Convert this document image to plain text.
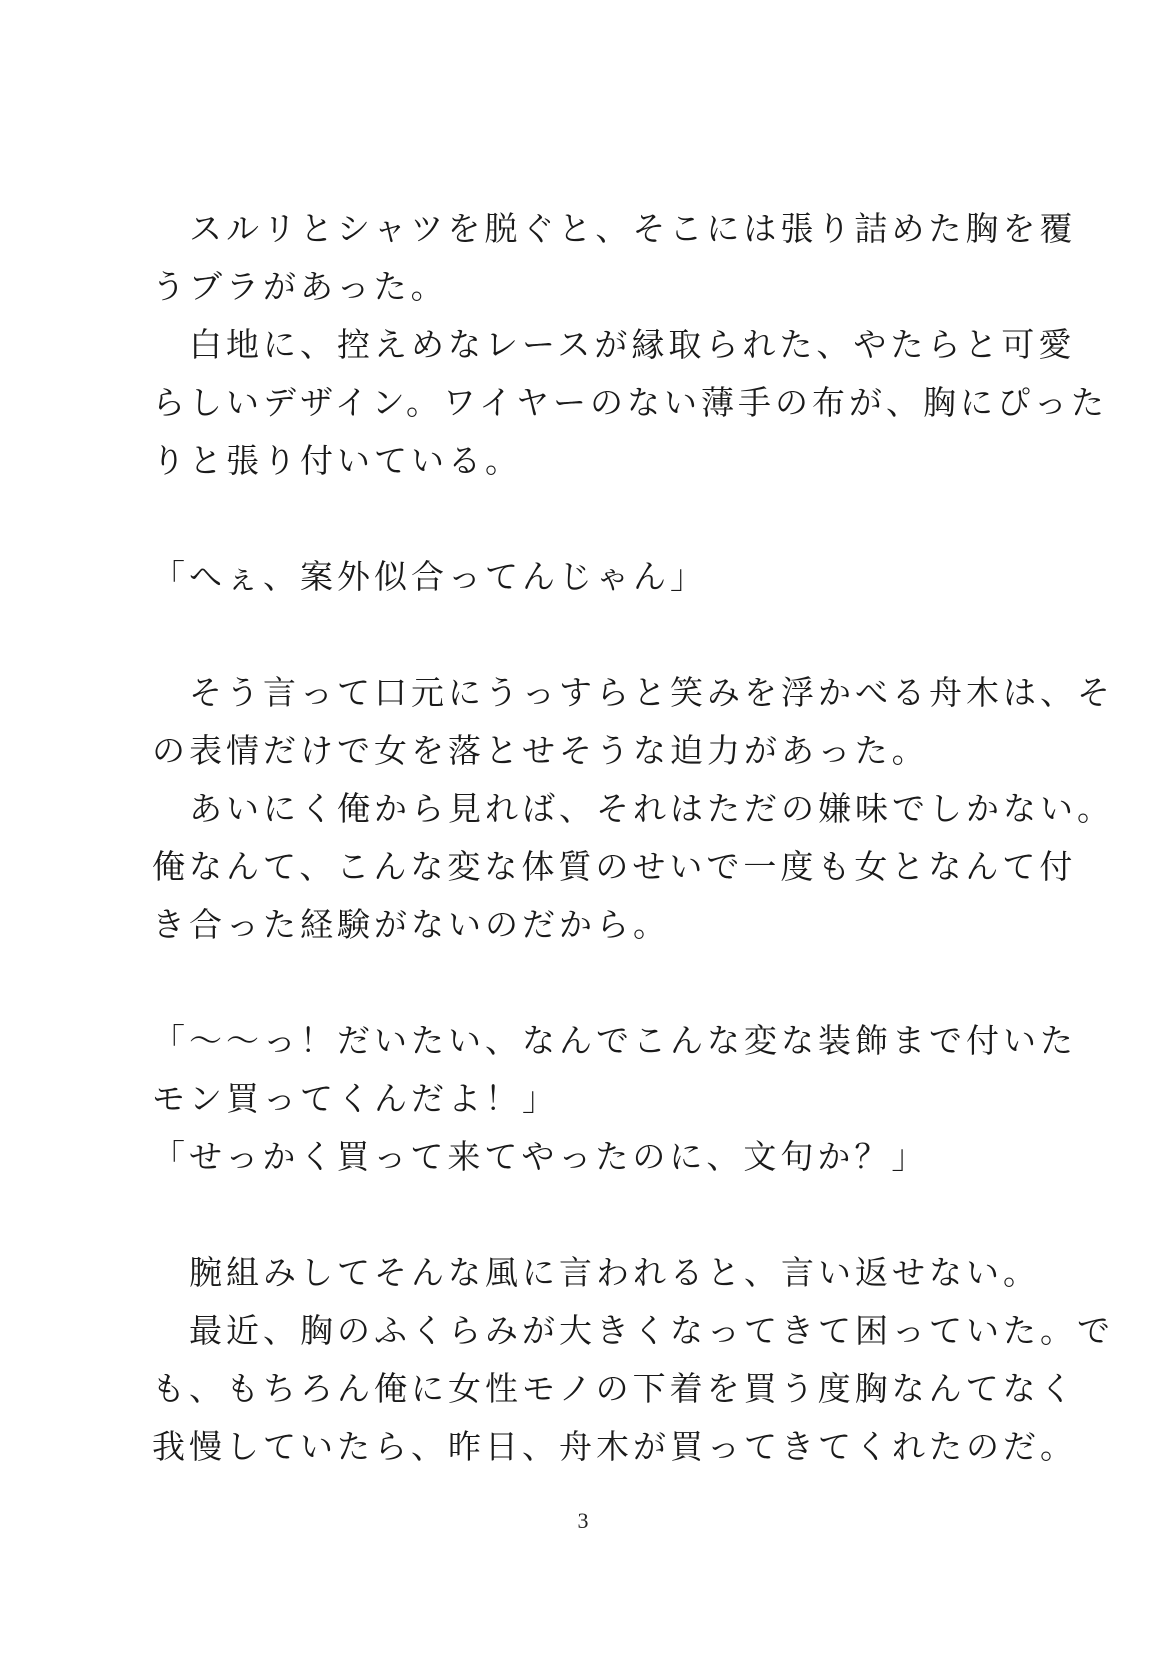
　スルリとシャツを脱ぐと、そこには張り詰めた胸を覆
うブラがあった。
　白地に、控えめなレースが縁取られた、やたらと可愛
らしいデザイン。ワイヤーのない薄手の布が、胸にぴった
りと張り付いている。
「へぇ、案外似合ってんじゃん」
　そう言って口元にうっすらと笑みを浮かべる舟木は、そ
の表情だけで女を落とせそうな迫力があった。
　あいにく俺から見れば、それはただの嫌味でしかない。
俺なんて、こんな変な体質のせいで一度も女となんて付
き合った経験がないのだから。
「〜〜っ！だいたい、なんでこんな変な装飾まで付いた
モン買ってくんだよ！」
「せっかく買って来てやったのに、文句か？」
　腕組みしてそんな風に言われると、言い返せない。
　最近、胸のふくらみが大きくなってきて困っていた。で
も、もちろん俺に女性モノの下着を買う度胸なんてなく
我慢していたら、昨日、舟木が買ってきてくれたのだ。
3
